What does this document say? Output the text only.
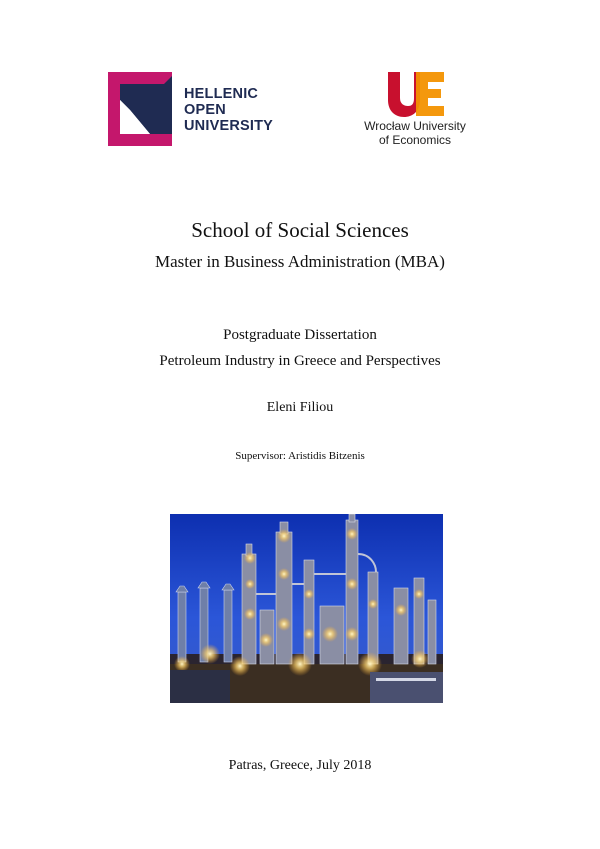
HELLENIC
OPEN
UNIVERSITY	Wrocław University
of Economics
School of Social Sciences
Master in Business Administration (MBA)
Postgraduate Dissertation
Petroleum Industry in Greece and Perspectives
Eleni Filiou
Supervisor: Aristidis Bitzenis
Patras, Greece, July 2018
